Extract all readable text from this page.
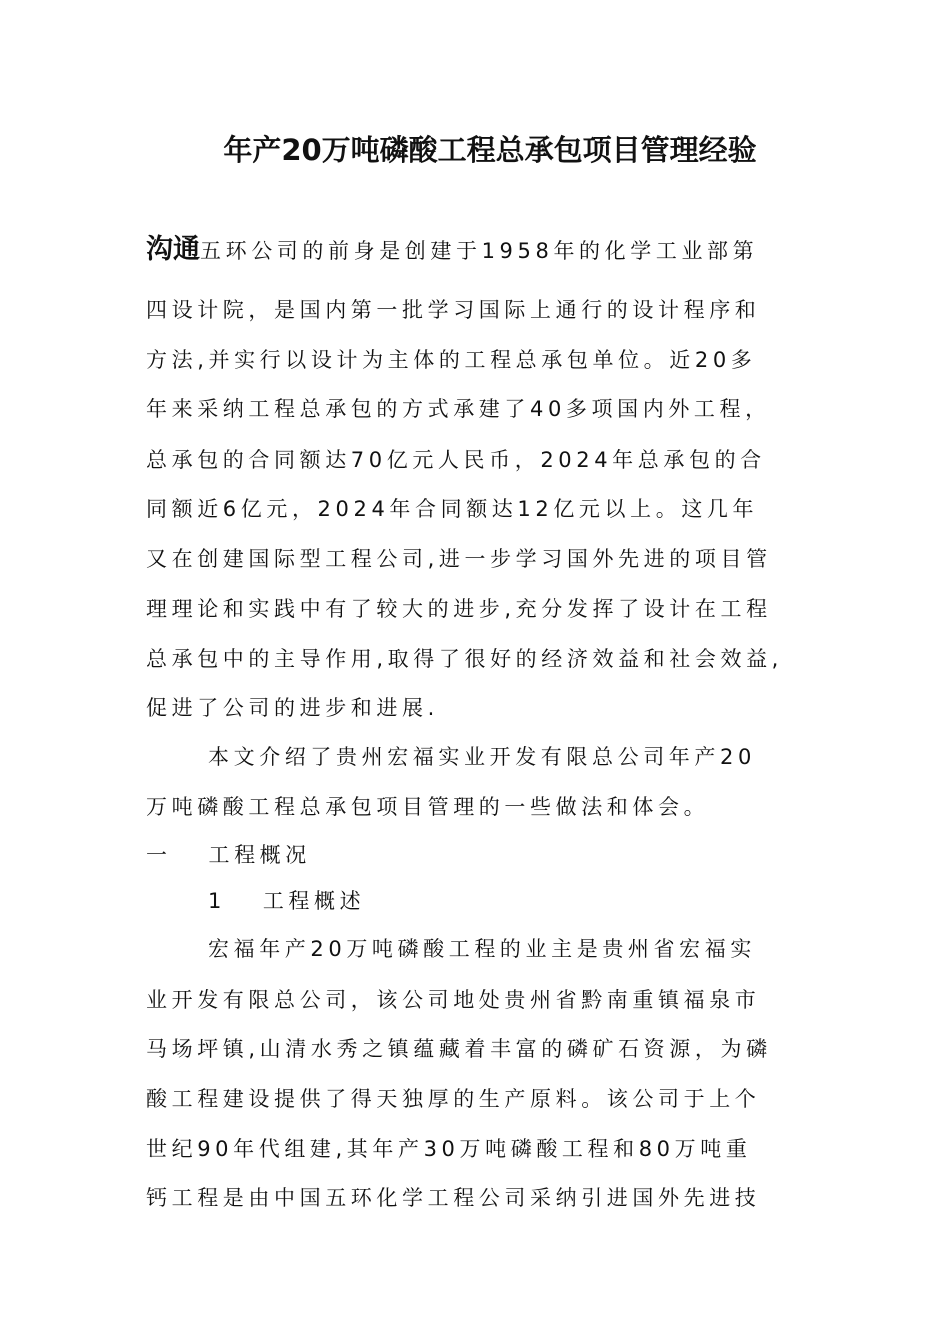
年产20万吨磷酸工程总承包项目管理经验
沟通五环公司的前身是创建于1958年的化学工业部第
四设计院，是国内第一批学习国际上通行的设计程序和
方法,并实行以设计为主体的工程总承包单位。近20多
年来采纳工程总承包的方式承建了40多项国内外工程，
总承包的合同额达70亿元人民币，2024年总承包的合
同额近6亿元，2024年合同额达12亿元以上。这几年
又在创建国际型工程公司,进一步学习国外先进的项目管
理理论和实践中有了较大的进步,充分发挥了设计在工程
总承包中的主导作用,取得了很好的经济效益和社会效益,
促进了公司的进步和进展.
本文介绍了贵州宏福实业开发有限总公司年产20
万吨磷酸工程总承包项目管理的一些做法和体会。
一　 工程概况
1　 工程概述
宏福年产20万吨磷酸工程的业主是贵州省宏福实
业开发有限总公司，该公司地处贵州省黔南重镇福泉市
马场坪镇,山清水秀之镇蕴藏着丰富的磷矿石资源，为磷
酸工程建设提供了得天独厚的生产原料。该公司于上个
世纪90年代组建,其年产30万吨磷酸工程和80万吨重
钙工程是由中国五环化学工程公司采纳引进国外先进技
